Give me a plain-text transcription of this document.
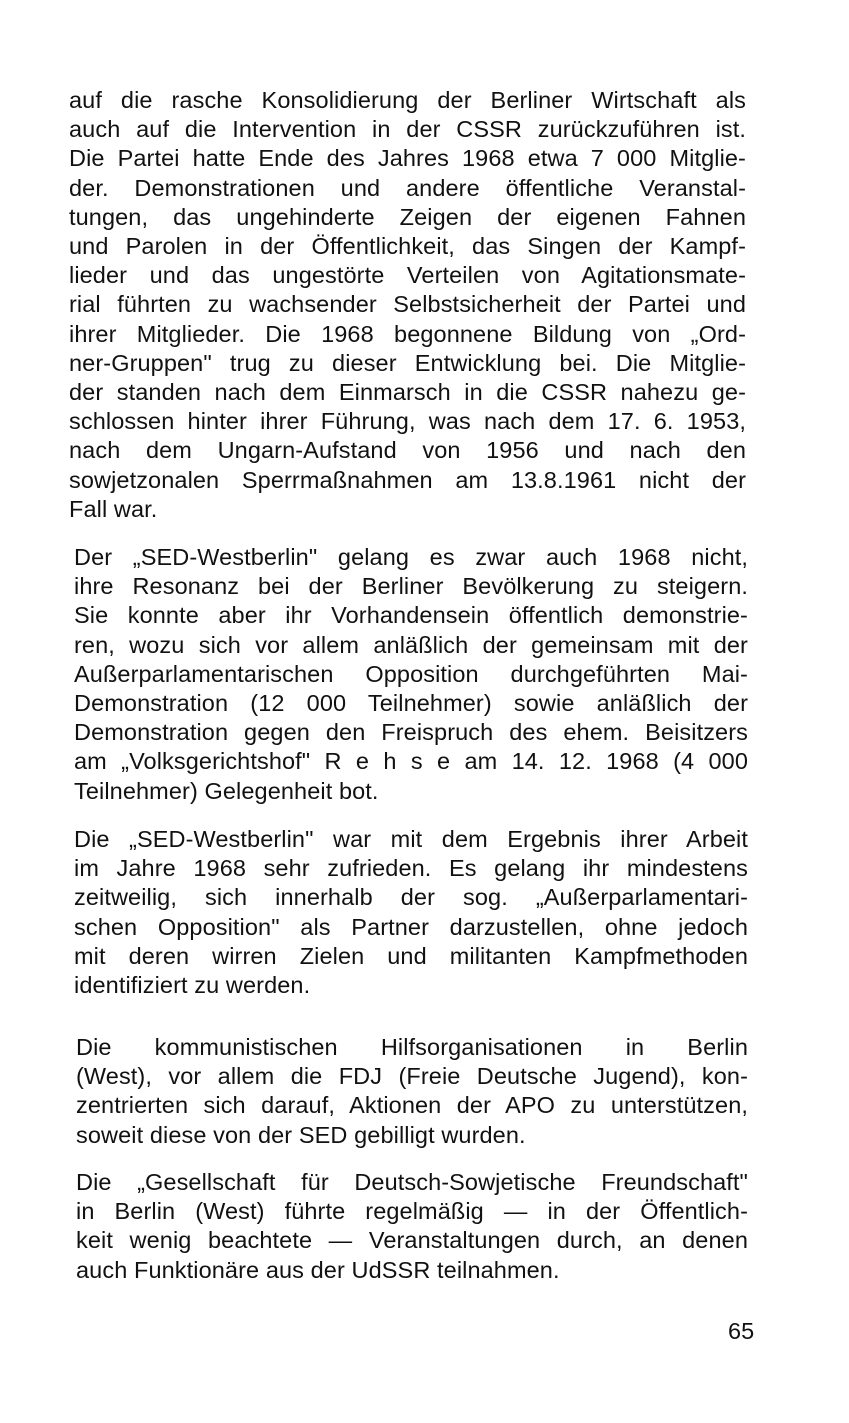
auf die rasche Konsolidierung der Berliner Wirtschaft als
auch auf die Intervention in der CSSR zurückzuführen ist.
Die Partei hatte Ende des Jahres 1968 etwa 7 000 Mitglie-
der. Demonstrationen und andere öffentliche Veranstal-
tungen, das ungehinderte Zeigen der eigenen Fahnen
und Parolen in der Öffentlichkeit, das Singen der Kampf-
lieder und das ungestörte Verteilen von Agitationsmate-
rial führten zu wachsender Selbstsicherheit der Partei und
ihrer Mitglieder. Die 1968 begonnene Bildung von „Ord-
ner-Gruppen" trug zu dieser Entwicklung bei. Die Mitglie-
der standen nach dem Einmarsch in die CSSR nahezu ge-
schlossen hinter ihrer Führung, was nach dem 17. 6. 1953,
nach dem Ungarn-Aufstand von 1956 und nach den
sowjetzonalen Sperrmaßnahmen am 13.8.1961 nicht der
Fall war.
Der „SED-Westberlin" gelang es zwar auch 1968 nicht,
ihre Resonanz bei der Berliner Bevölkerung zu steigern.
Sie konnte aber ihr Vorhandensein öffentlich demonstrie-
ren, wozu sich vor allem anläßlich der gemeinsam mit der
Außerparlamentarischen Opposition durchgeführten Mai-
Demonstration (12 000 Teilnehmer) sowie anläßlich der
Demonstration gegen den Freispruch des ehem. Beisitzers
am „Volksgerichtshof" R e h s e am 14. 12. 1968 (4 000
Teilnehmer) Gelegenheit bot.
Die „SED-Westberlin" war mit dem Ergebnis ihrer Arbeit
im Jahre 1968 sehr zufrieden. Es gelang ihr mindestens
zeitweilig, sich innerhalb der sog. „Außerparlamentari-
schen Opposition" als Partner darzustellen, ohne jedoch
mit deren wirren Zielen und militanten Kampfmethoden
identifiziert zu werden.
Die kommunistischen Hilfsorganisationen in Berlin
(West), vor allem die FDJ (Freie Deutsche Jugend), kon-
zentrierten sich darauf, Aktionen der APO zu unterstützen,
soweit diese von der SED gebilligt wurden.
Die „Gesellschaft für Deutsch-Sowjetische Freundschaft"
in Berlin (West) führte regelmäßig — in der Öffentlich-
keit wenig beachtete — Veranstaltungen durch, an denen
auch Funktionäre aus der UdSSR teilnahmen.
65
